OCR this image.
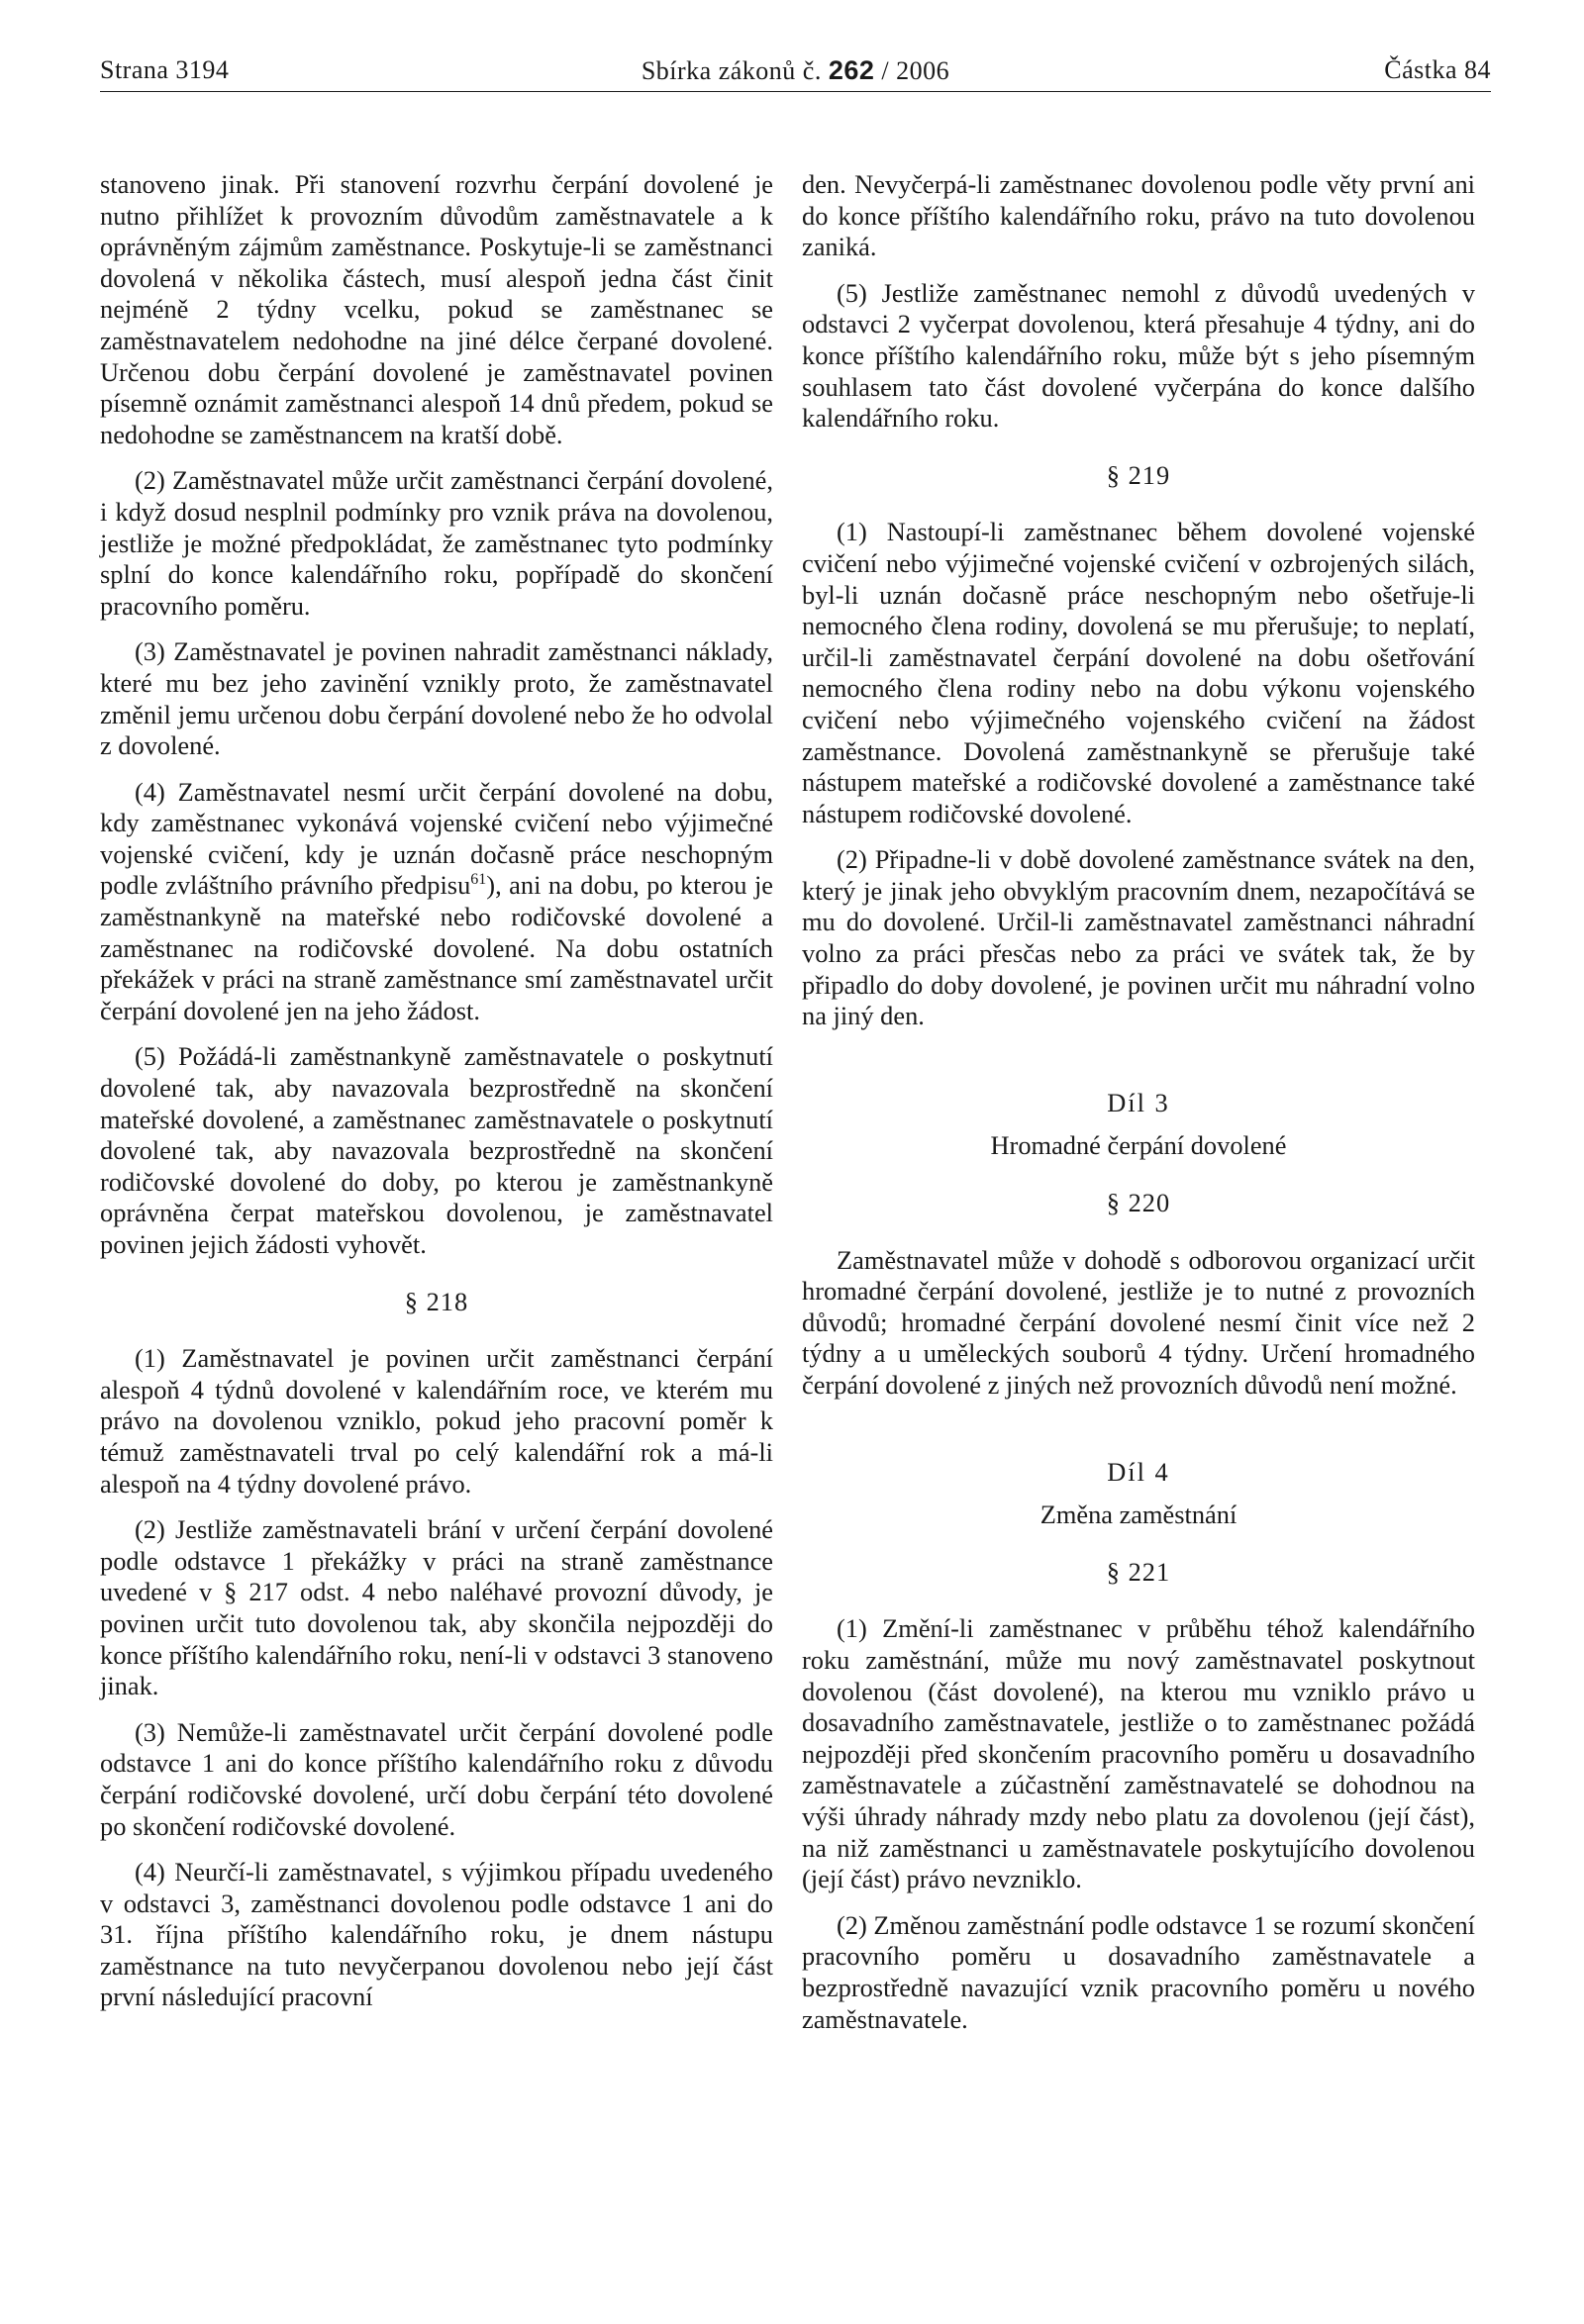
Strana 3194	Sbírka zákonů č. 262 / 2006	Částka 84

stanoveno jinak. Při stanovení rozvrhu čerpání dovolené je nutno přihlížet k provozním důvodům zaměstnavatele a k oprávněným zájmům zaměstnance. Poskytuje-li se zaměstnanci dovolená v několika částech, musí alespoň jedna část činit nejméně 2 týdny vcelku, pokud se zaměstnanec se zaměstnavatelem nedohodne na jiné délce čerpané dovolené. Určenou dobu čerpání dovolené je zaměstnavatel povinen písemně oznámit zaměstnanci alespoň 14 dnů předem, pokud se nedohodne se zaměstnancem na kratší době.

(2) Zaměstnavatel může určit zaměstnanci čerpání dovolené, i když dosud nesplnil podmínky pro vznik práva na dovolenou, jestliže je možné předpokládat, že zaměstnanec tyto podmínky splní do konce kalendářního roku, popřípadě do skončení pracovního poměru.

(3) Zaměstnavatel je povinen nahradit zaměstnanci náklady, které mu bez jeho zavinění vznikly proto, že zaměstnavatel změnil jemu určenou dobu čerpání dovolené nebo že ho odvolal z dovolené.

(4) Zaměstnavatel nesmí určit čerpání dovolené na dobu, kdy zaměstnanec vykonává vojenské cvičení nebo výjimečné vojenské cvičení, kdy je uznán dočasně práce neschopným podle zvláštního právního předpisu$^{61}$), ani na dobu, po kterou je zaměstnankyně na mateřské nebo rodičovské dovolené a zaměstnanec na rodičovské dovolené. Na dobu ostatních překážek v práci na straně zaměstnance smí zaměstnavatel určit čerpání dovolené jen na jeho žádost.

(5) Požádá-li zaměstnankyně zaměstnavatele o poskytnutí dovolené tak, aby navazovala bezprostředně na skončení mateřské dovolené, a zaměstnanec zaměstnavatele o poskytnutí dovolené tak, aby navazovala bezprostředně na skončení rodičovské dovolené do doby, po kterou je zaměstnankyně oprávněna čerpat mateřskou dovolenou, je zaměstnavatel povinen jejich žádosti vyhovět.

§ 218

(1) Zaměstnavatel je povinen určit zaměstnanci čerpání alespoň 4 týdnů dovolené v kalendářním roce, ve kterém mu právo na dovolenou vzniklo, pokud jeho pracovní poměr k témuž zaměstnavateli trval po celý kalendářní rok a má-li alespoň na 4 týdny dovolené právo.

(2) Jestliže zaměstnavateli brání v určení čerpání dovolené podle odstavce 1 překážky v práci na straně zaměstnance uvedené v § 217 odst. 4 nebo naléhavé provozní důvody, je povinen určit tuto dovolenou tak, aby skončila nejpozději do konce příštího kalendářního roku, není-li v odstavci 3 stanoveno jinak.

(3) Nemůže-li zaměstnavatel určit čerpání dovolené podle odstavce 1 ani do konce příštího kalendářního roku z důvodu čerpání rodičovské dovolené, určí dobu čerpání této dovolené po skončení rodičovské dovolené.

(4) Neurčí-li zaměstnavatel, s výjimkou případu uvedeného v odstavci 3, zaměstnanci dovolenou podle odstavce 1 ani do 31. října příštího kalendářního roku, je dnem nástupu zaměstnance na tuto nevyčerpanou dovolenou nebo její část první následující pracovní

den. Nevyčerpá-li zaměstnanec dovolenou podle věty první ani do konce příštího kalendářního roku, právo na tuto dovolenou zaniká.

(5) Jestliže zaměstnanec nemohl z důvodů uvedených v odstavci 2 vyčerpat dovolenou, která přesahuje 4 týdny, ani do konce příštího kalendářního roku, může být s jeho písemným souhlasem tato část dovolené vyčerpána do konce dalšího kalendářního roku.

§ 219

(1) Nastoupí-li zaměstnanec během dovolené vojenské cvičení nebo výjimečné vojenské cvičení v ozbrojených silách, byl-li uznán dočasně práce neschopným nebo ošetřuje-li nemocného člena rodiny, dovolená se mu přerušuje; to neplatí, určil-li zaměstnavatel čerpání dovolené na dobu ošetřování nemocného člena rodiny nebo na dobu výkonu vojenského cvičení nebo výjimečného vojenského cvičení na žádost zaměstnance. Dovolená zaměstnankyně se přerušuje také nástupem mateřské a rodičovské dovolené a zaměstnance také nástupem rodičovské dovolené.

(2) Připadne-li v době dovolené zaměstnance svátek na den, který je jinak jeho obvyklým pracovním dnem, nezapočítává se mu do dovolené. Určil-li zaměstnavatel zaměstnanci náhradní volno za práci přesčas nebo za práci ve svátek tak, že by připadlo do doby dovolené, je povinen určit mu náhradní volno na jiný den.

Díl 3
Hromadné čerpání dovolené
§ 220

Zaměstnavatel může v dohodě s odborovou organizací určit hromadné čerpání dovolené, jestliže je to nutné z provozních důvodů; hromadné čerpání dovolené nesmí činit více než 2 týdny a u uměleckých souborů 4 týdny. Určení hromadného čerpání dovolené z jiných než provozních důvodů není možné.

Díl 4
Změna zaměstnání
§ 221

(1) Změní-li zaměstnanec v průběhu téhož kalendářního roku zaměstnání, může mu nový zaměstnavatel poskytnout dovolenou (část dovolené), na kterou mu vzniklo právo u dosavadního zaměstnavatele, jestliže o to zaměstnanec požádá nejpozději před skončením pracovního poměru u dosavadního zaměstnavatele a zúčastnění zaměstnavatelé se dohodnou na výši úhrady náhrady mzdy nebo platu za dovolenou (její část), na niž zaměstnanci u zaměstnavatele poskytujícího dovolenou (její část) právo nevzniklo.

(2) Změnou zaměstnání podle odstavce 1 se rozumí skončení pracovního poměru u dosavadního zaměstnavatele a bezprostředně navazující vznik pracovního poměru u nového zaměstnavatele.
